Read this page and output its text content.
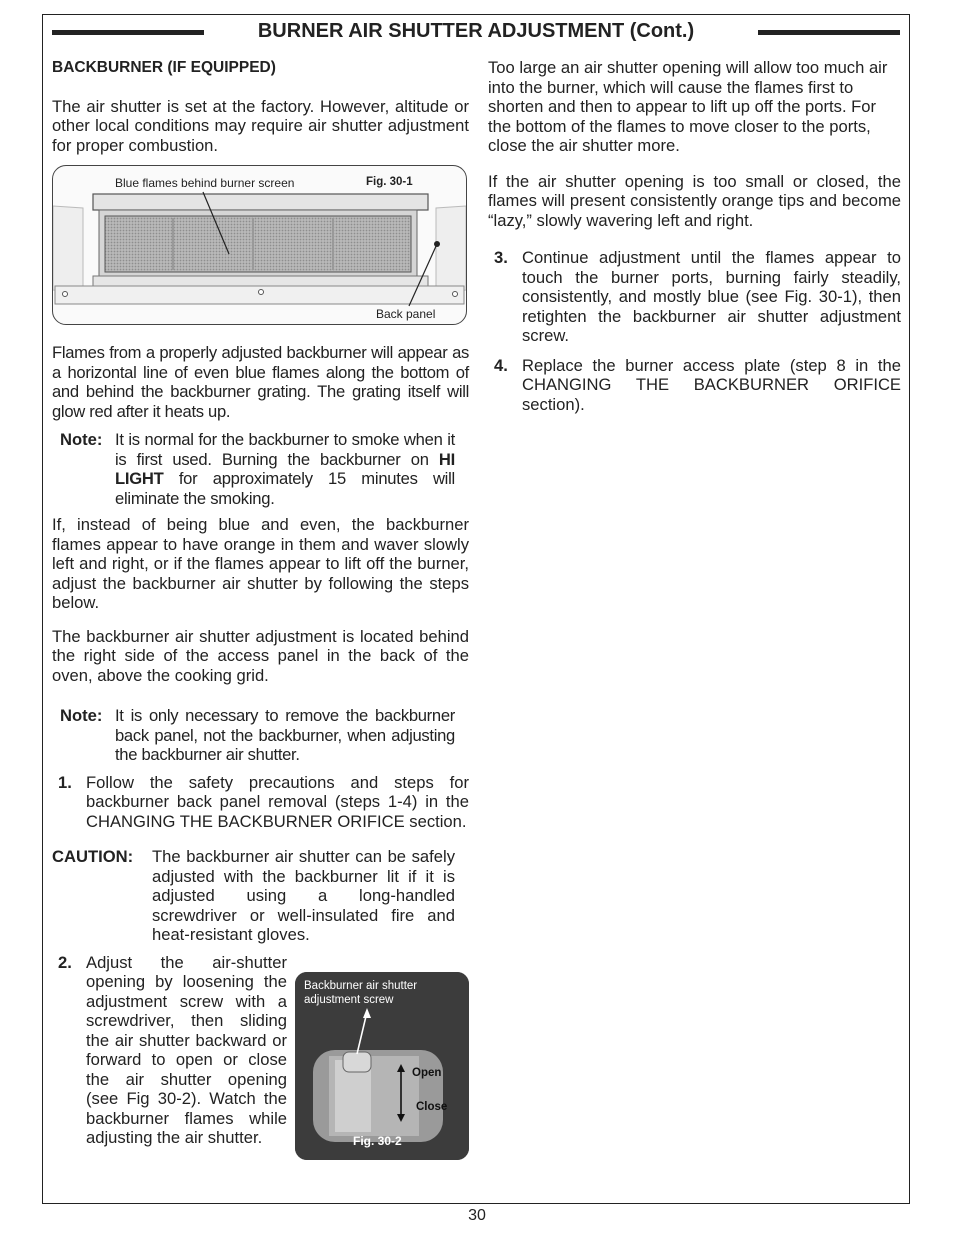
BURNER AIR SHUTTER ADJUSTMENT (Cont.)

BACKBURNER (IF EQUIPPED)

The air shutter is set at the factory. However, altitude or other local conditions may require air shutter adjustment for proper combustion.

Blue flames behind burner screen	Fig. 30-1
Back panel

Flames from a properly adjusted backburner will appear as a horizontal line of even blue flames along the bottom of and behind the backburner grating. The grating itself will glow red after it heats up.

Note: It is normal for the backburner to smoke when it is first used. Burning the backburner on HI LIGHT for approximately 15 minutes will eliminate the smoking.

If, instead of being blue and even, the backburner flames appear to have orange in them and waver slowly left and right, or if the flames appear to lift off the burner, adjust the backburner air shutter by following the steps below.

The backburner air shutter adjustment is located behind the right side of the access panel in the back of the oven, above the cooking grid.

Note: It is only necessary to remove the backburner back panel, not the backburner, when adjusting the backburner air shutter.

1. Follow the safety precautions and steps for backburner back panel removal (steps 1-4) in the CHANGING THE BACKBURNER ORIFICE section.

CAUTION:	The backburner air shutter can be safely adjusted with the backburner lit if it is adjusted using a long-handled screwdriver or well-insulated fire and heat-resistant gloves.

2.
Backburner air shutter adjustment screw
Open
Close
Fig. 30-2

Adjust the air-shutter opening by loosening the adjustment screw with a screwdriver, then sliding the air shutter backward or forward to open or close the air shutter opening (see Fig 30-2). Watch the backburner flames while adjusting the air shutter.

Too large an air shutter opening will allow too much air into the burner, which will cause the flames first to shorten and then to appear to lift up off the ports. For the bottom of the flames to move closer to the ports, close the air shutter more.

If the air shutter opening is too small or closed, the flames will present consistently orange tips and become “lazy,” slowly wavering left and right.

3. Continue adjustment until the flames appear to touch the burner ports, burning fairly steadily, consistently, and mostly blue (see Fig. 30-1), then retighten the backburner air shutter adjustment screw.

4. Replace the burner access plate (step 8 in the CHANGING THE BACKBURNER ORIFICE section).

30
